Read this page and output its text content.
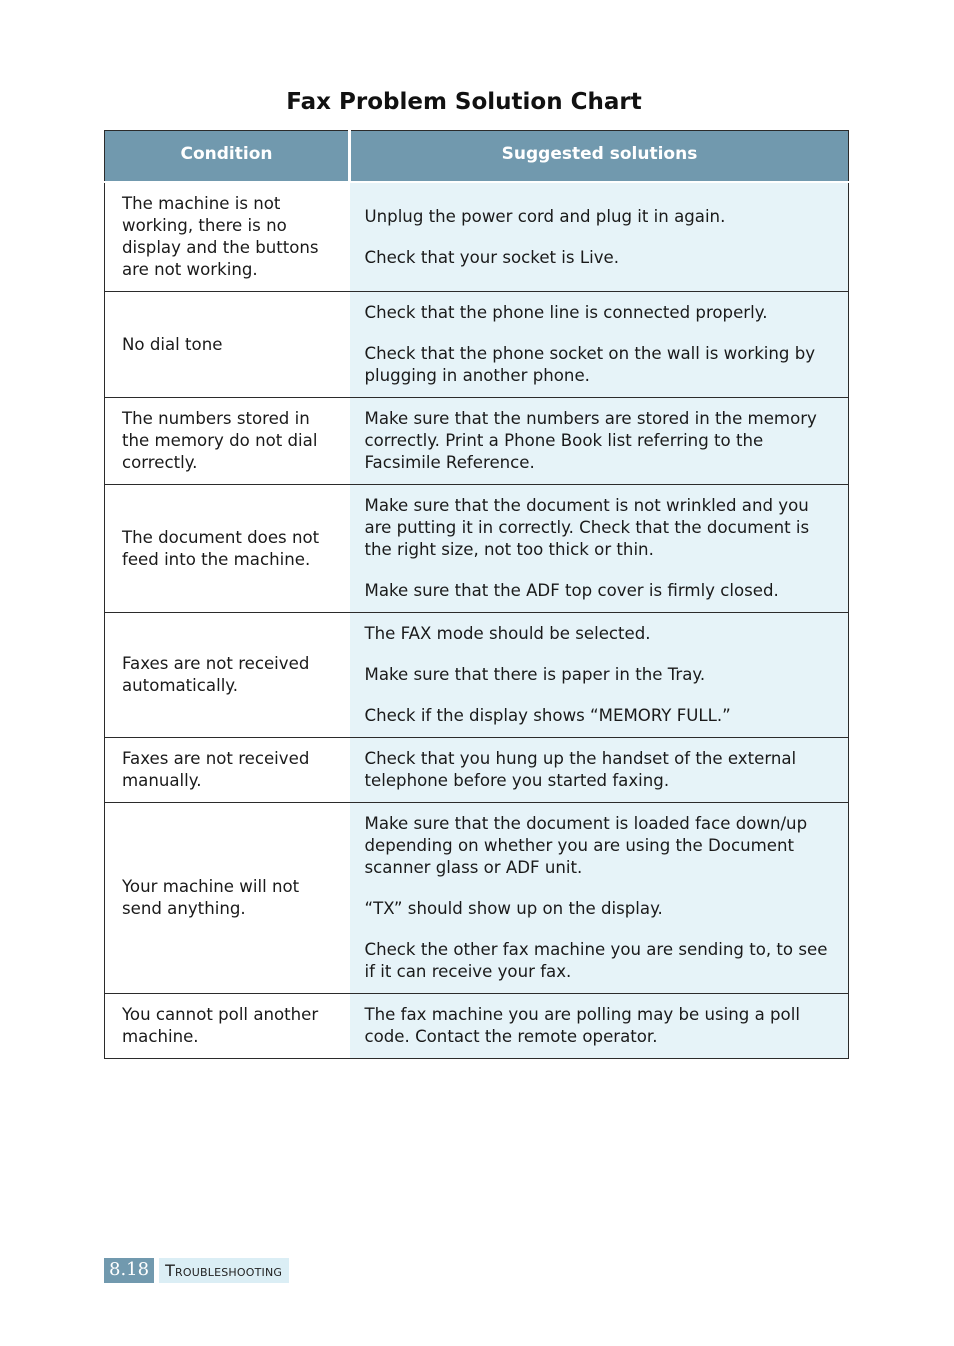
Fax Problem Solution Chart
Condition	Suggested solutions
The machine is not working, there is no display and the buttons are not working.	Unplug the power cord and plug it in again.

Check that your socket is Live.

No dial tone	Check that the phone line is connected properly.

Check that the phone socket on the wall is working by plugging in another phone.

The numbers stored in the memory do not dial correctly.	Make sure that the numbers are stored in the memory correctly. Print a Phone Book list referring to the Facsimile Reference.

The document does not feed into the machine.	Make sure that the document is not wrinkled and you are putting it in correctly. Check that the document is the right size, not too thick or thin.

Make sure that the ADF top cover is firmly closed.

Faxes are not received automatically.	The FAX mode should be selected.

Make sure that there is paper in the Tray.

Check if the display shows “MEMORY FULL.”

Faxes are not received manually.	Check that you hung up the handset of the external telephone before you started faxing.

Your machine will not send anything.	Make sure that the document is loaded face down/up depending on whether you are using the Document scanner glass or ADF unit.

“TX” should show up on the display.

Check the other fax machine you are sending to, to see if it can receive your fax.

You cannot poll another machine.	The fax machine you are polling may be using a poll code. Contact the remote operator.

8.18	Troubleshooting
